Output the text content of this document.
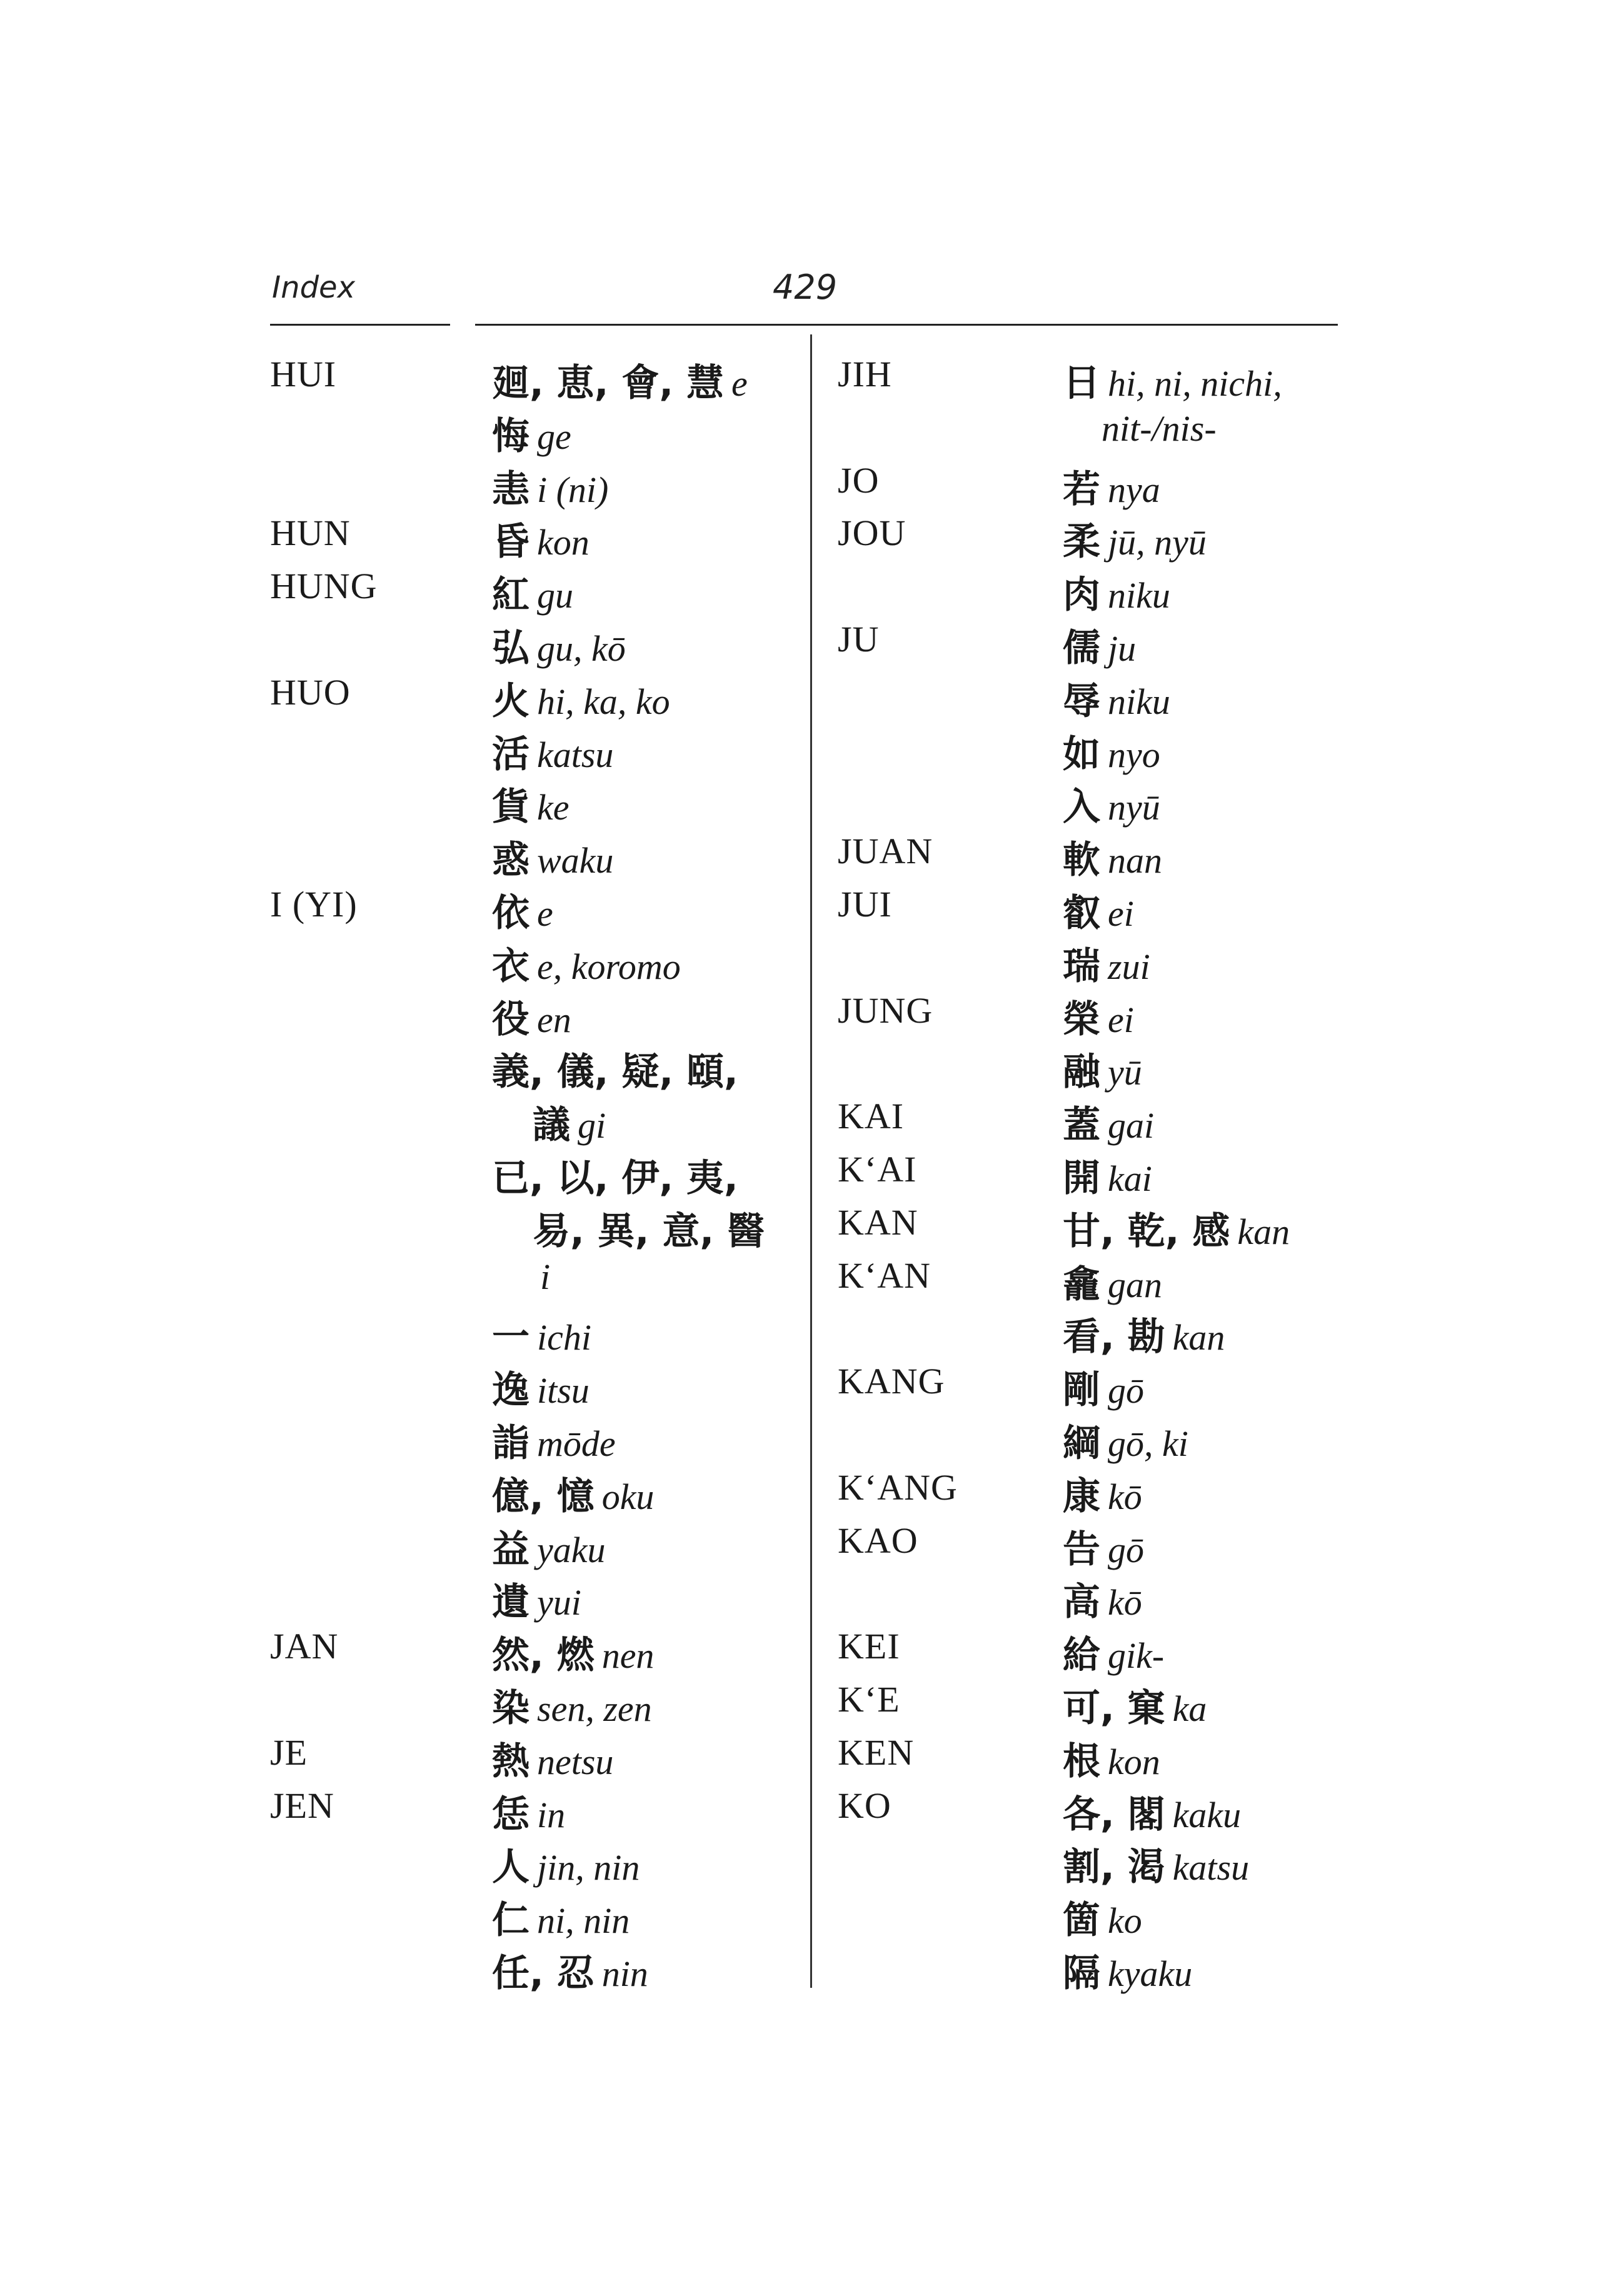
Index	429
HUI	廻, 恵, 會, 慧 e
悔 ge
恚 i (ni)
HUN	昏 kon
HUNG	紅 gu
弘 gu, kō
HUO	火 hi, ka, ko
活 katsu
貨 ke
惑 waku
I (YI)	依 e
衣 e, koromo
役 en
義, 儀, 疑, 頤,
議 gi
已, 以, 伊, 夷,
易, 異, 意, 醫
i
一 ichi
逸 itsu
詣 mōde
億, 憶 oku
益 yaku
遺 yui
JAN	然, 燃 nen
染 sen, zen
JE	熱 netsu
JEN	恁 in
人 jin, nin
仁 ni, nin
任, 忍 nin
JIH	日 hi, ni, nichi,
nit-/nis-
JO	若 nya
JOU	柔 jū, nyū
肉 niku
JU	儒 ju
辱 niku
如 nyo
入 nyū
JUAN	軟 nan
JUI	叡 ei
瑞 zui
JUNG	榮 ei
融 yū
KAI	蓋 gai
K‘AI	開 kai
KAN	甘, 乾, 感 kan
K‘AN	龕 gan
看, 勘 kan
KANG	剛 gō
綱 gō, ki
K‘ANG	康 kō
KAO	告 gō
高 kō
KEI	給 gik-
K‘E	可, 窠 ka
KEN	根 kon
KO	各, 閣 kaku
割, 渇 katsu
箇 ko
隔 kyaku
